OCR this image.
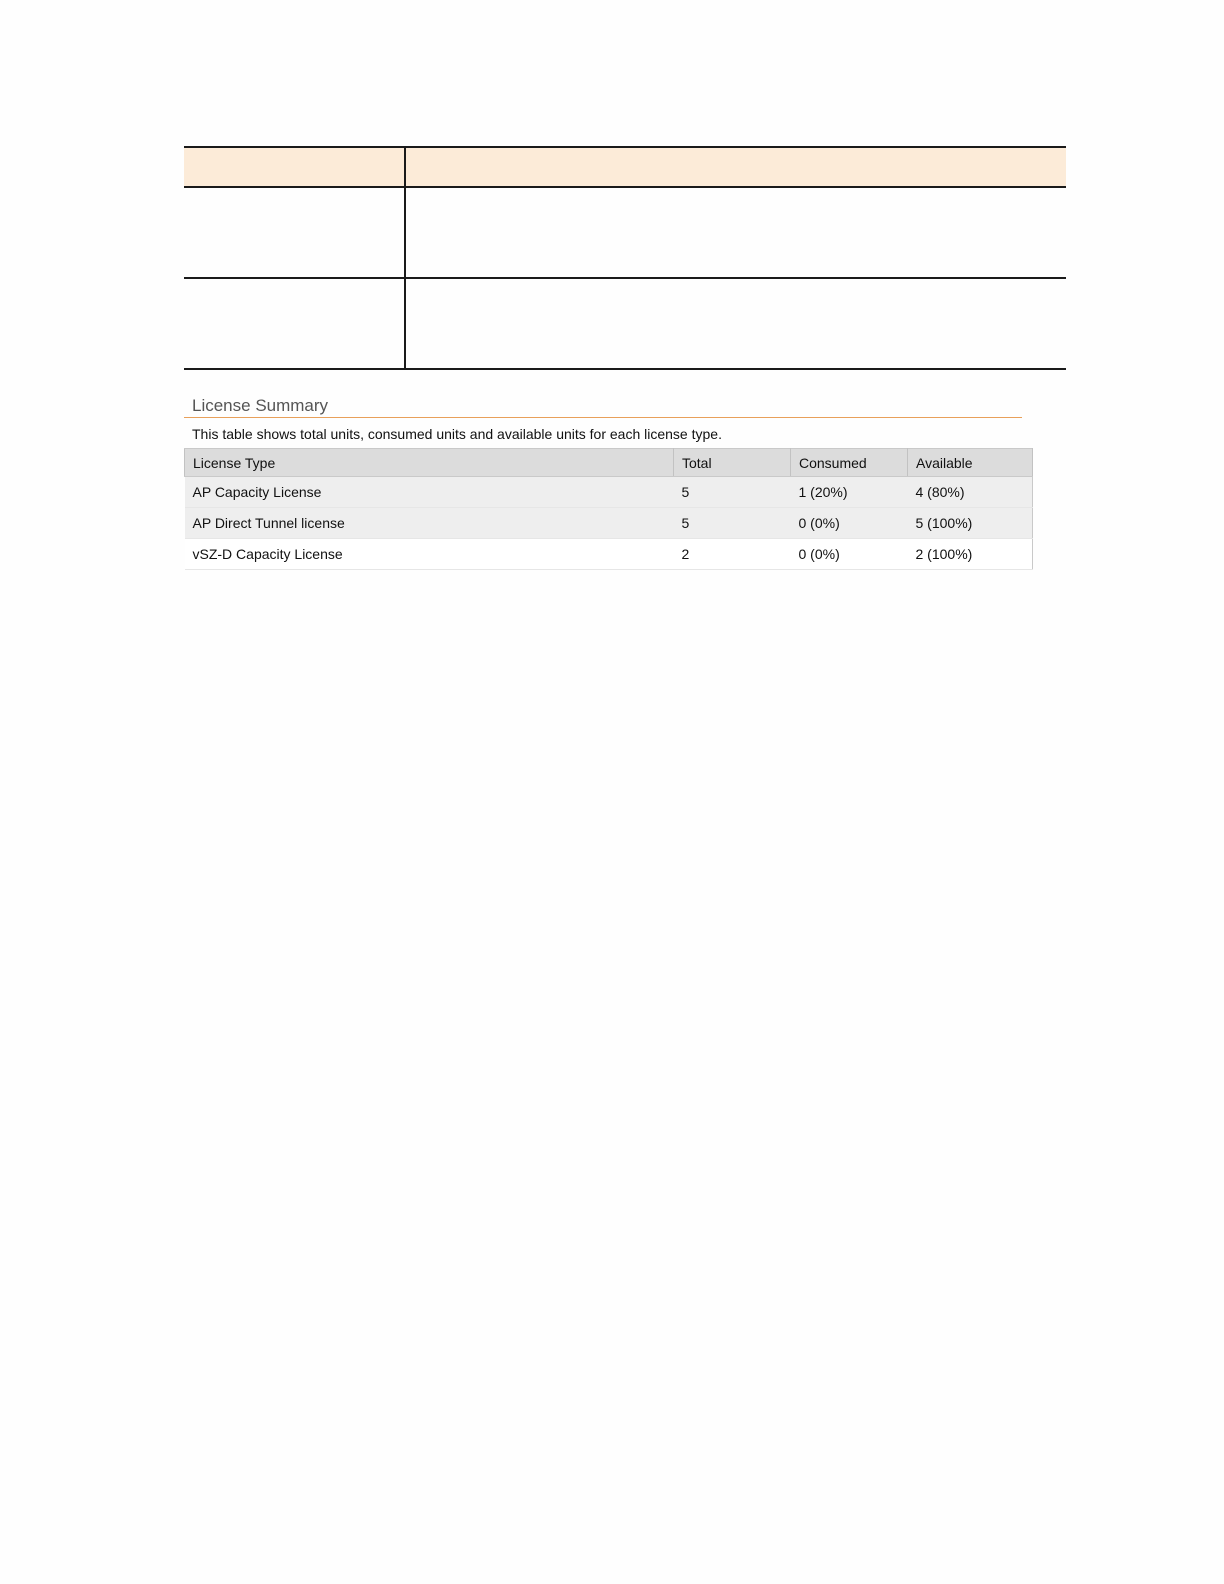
License Summary
This table shows total units, consumed units and available units for each license type.
License Type	Total	Consumed	Available
AP Capacity License	5	1 (20%)	4 (80%)
AP Direct Tunnel license	5	0 (0%)	5 (100%)
vSZ-D Capacity License	2	0 (0%)	2 (100%)
